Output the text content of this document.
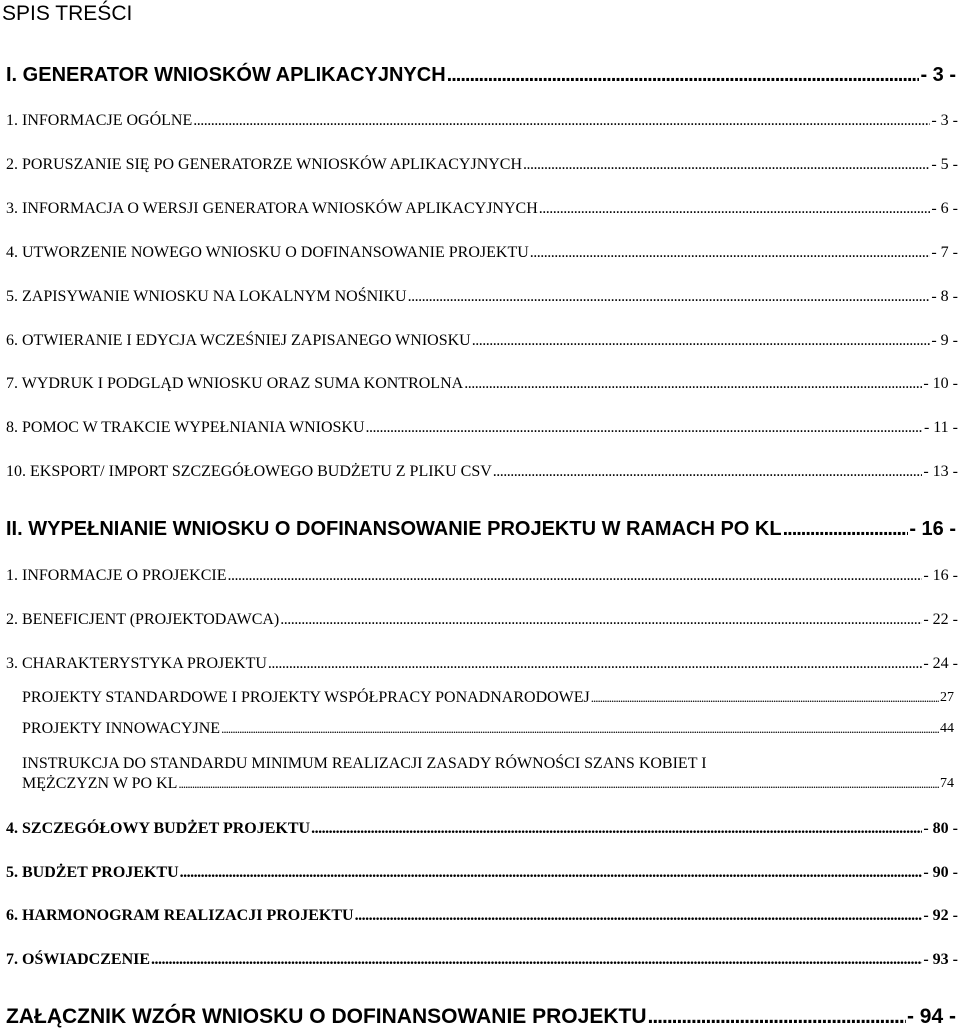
SPIS TREŚCI
I. GENERATOR WNIOSKÓW APLIKACYJNYCH .....	- 3 -
1. INFORMACJE OGÓLNE .....	- 3 -
2. PORUSZANIE SIĘ PO GENERATORZE WNIOSKÓW APLIKACYJNYCH .....	- 5 -
3. INFORMACJA O WERSJI GENERATORA WNIOSKÓW APLIKACYJNYCH .....	- 6 -
4. UTWORZENIE NOWEGO WNIOSKU O DOFINANSOWANIE PROJEKTU .....	- 7 -
5. ZAPISYWANIE WNIOSKU NA LOKALNYM NOŚNIKU .....	- 8 -
6. OTWIERANIE I EDYCJA WCZEŚNIEJ ZAPISANEGO WNIOSKU .....	- 9 -
7. WYDRUK I PODGLĄD WNIOSKU ORAZ SUMA KONTROLNA .....	- 10 -
8. POMOC W TRAKCIE WYPEŁNIANIA WNIOSKU .....	- 11 -
10. EKSPORT/ IMPORT SZCZEGÓŁOWEGO BUDŻETU Z PLIKU CSV .....	- 13 -
II. WYPEŁNIANIE WNIOSKU O DOFINANSOWANIE PROJEKTU W RAMACH PO KL .....	- 16 -
1. INFORMACJE O PROJEKCIE .....	- 16 -
2. BENEFICJENT (PROJEKTODAWCA) .....	- 22 -
3. CHARAKTERYSTYKA PROJEKTU .....	- 24 -
PROJEKTY STANDARDOWE I PROJEKTY WSPÓŁPRACY PONADNARODOWEJ .....	27
PROJEKTY INNOWACYJNE .....	44
INSTRUKCJA DO STANDARDU MINIMUM REALIZACJI ZASADY RÓWNOŚCI SZANS KOBIET I
MĘŻCZYZN W PO KL .....	74
4. SZCZEGÓŁOWY BUDŻET PROJEKTU .....	- 80 -
5. BUDŻET PROJEKTU .....	- 90 -
6. HARMONOGRAM REALIZACJI PROJEKTU .....	- 92 -
7. OŚWIADCZENIE .....	- 93 -
ZAŁĄCZNIK WZÓR WNIOSKU O DOFINANSOWANIE PROJEKTU .....	- 94 -
